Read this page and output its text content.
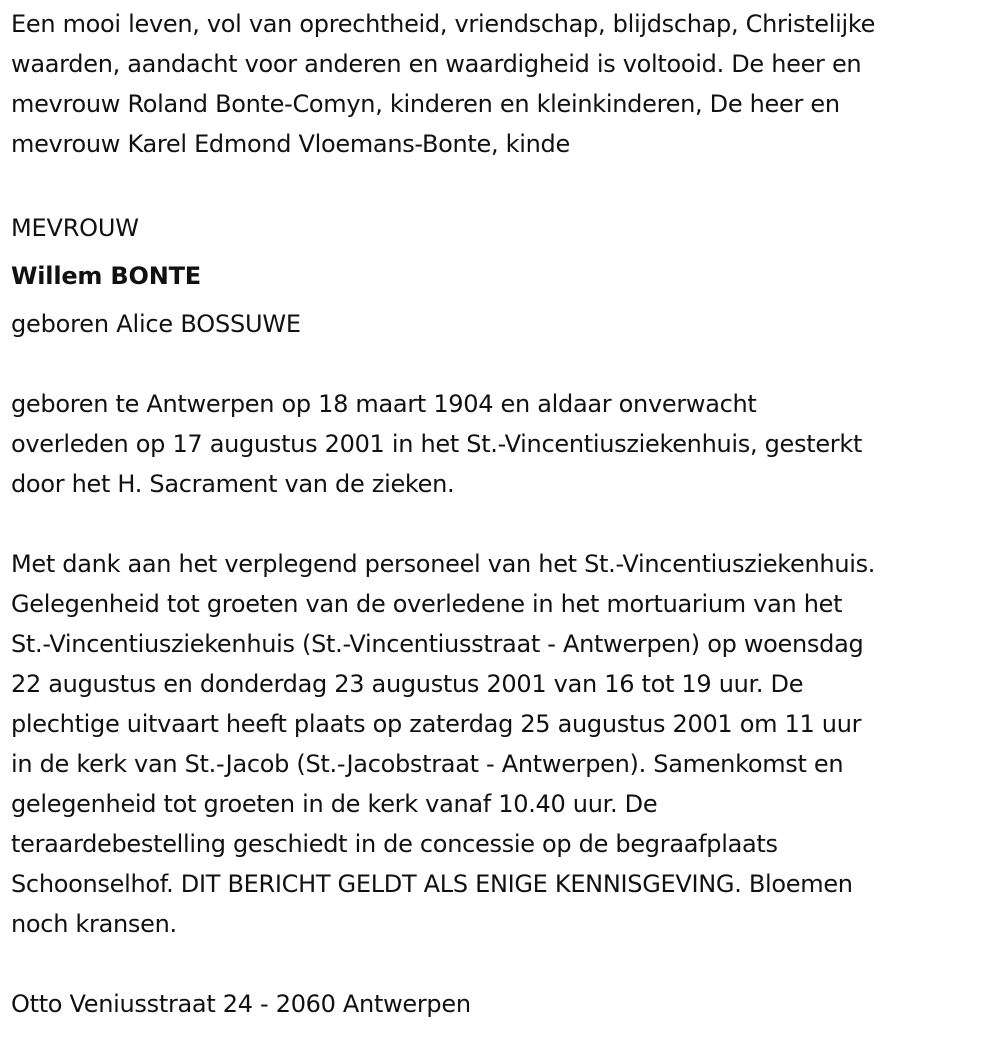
Een mooi leven, vol van oprechtheid, vriendschap, blijdschap, Christelijke
waarden, aandacht voor anderen en waardigheid is voltooid. De heer en
mevrouw Roland Bonte-Comyn, kinderen en kleinkinderen, De heer en
mevrouw Karel Edmond Vloemans-Bonte, kinde

MEVROUW

Willem BONTE

geboren Alice BOSSUWE

geboren te Antwerpen op 18 maart 1904 en aldaar onverwacht
overleden op 17 augustus 2001 in het St.-Vincentiusziekenhuis, gesterkt
door het H. Sacrament van de zieken.

Met dank aan het verplegend personeel van het St.-Vincentiusziekenhuis.
Gelegenheid tot groeten van de overledene in het mortuarium van het
St.-Vincentiusziekenhuis (St.-Vincentiusstraat - Antwerpen) op woensdag
22 augustus en donderdag 23 augustus 2001 van 16 tot 19 uur. De
plechtige uitvaart heeft plaats op zaterdag 25 augustus 2001 om 11 uur
in de kerk van St.-Jacob (St.-Jacobstraat - Antwerpen). Samenkomst en
gelegenheid tot groeten in de kerk vanaf 10.40 uur. De
teraardebestelling geschiedt in de concessie op de begraafplaats
Schoonselhof. DIT BERICHT GELDT ALS ENIGE KENNISGEVING. Bloemen
noch kransen.

Otto Veniusstraat 24 - 2060 Antwerpen
